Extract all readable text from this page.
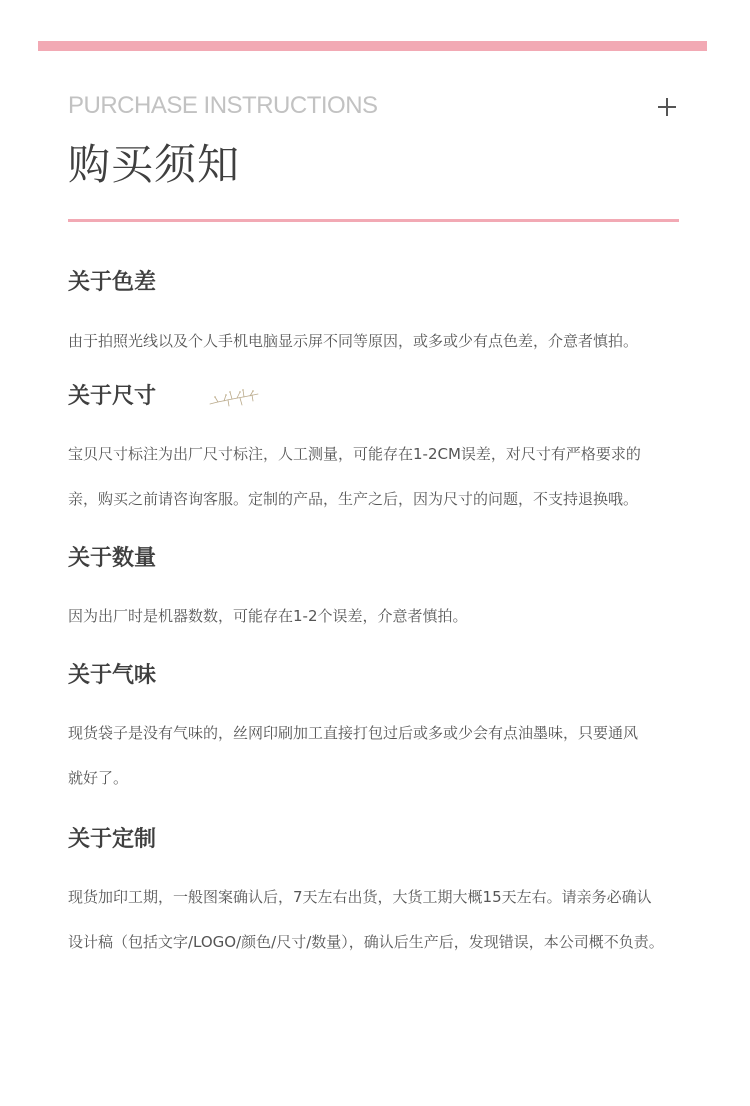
PURCHASE INSTRUCTIONS
购买须知
关于色差

由于拍照光线以及个人手机电脑显示屏不同等原因，或多或少有点色差，介意者慎拍。

关于尺寸

宝贝尺寸标注为出厂尺寸标注，人工测量，可能存在1-2CM误差，对尺寸有严格要求的

亲，购买之前请咨询客服。定制的产品，生产之后，因为尺寸的问题，不支持退换哦。

关于数量

因为出厂时是机器数数，可能存在1-2个误差，介意者慎拍。

关于气味

现货袋子是没有气味的，丝网印刷加工直接打包过后或多或少会有点油墨味，只要通风

就好了。

关于定制

现货加印工期，一般图案确认后，7天左右出货，大货工期大概15天左右。请亲务必确认

设计稿（包括文字/LOGO/颜色/尺寸/数量），确认后生产后，发现错误，本公司概不负责。
